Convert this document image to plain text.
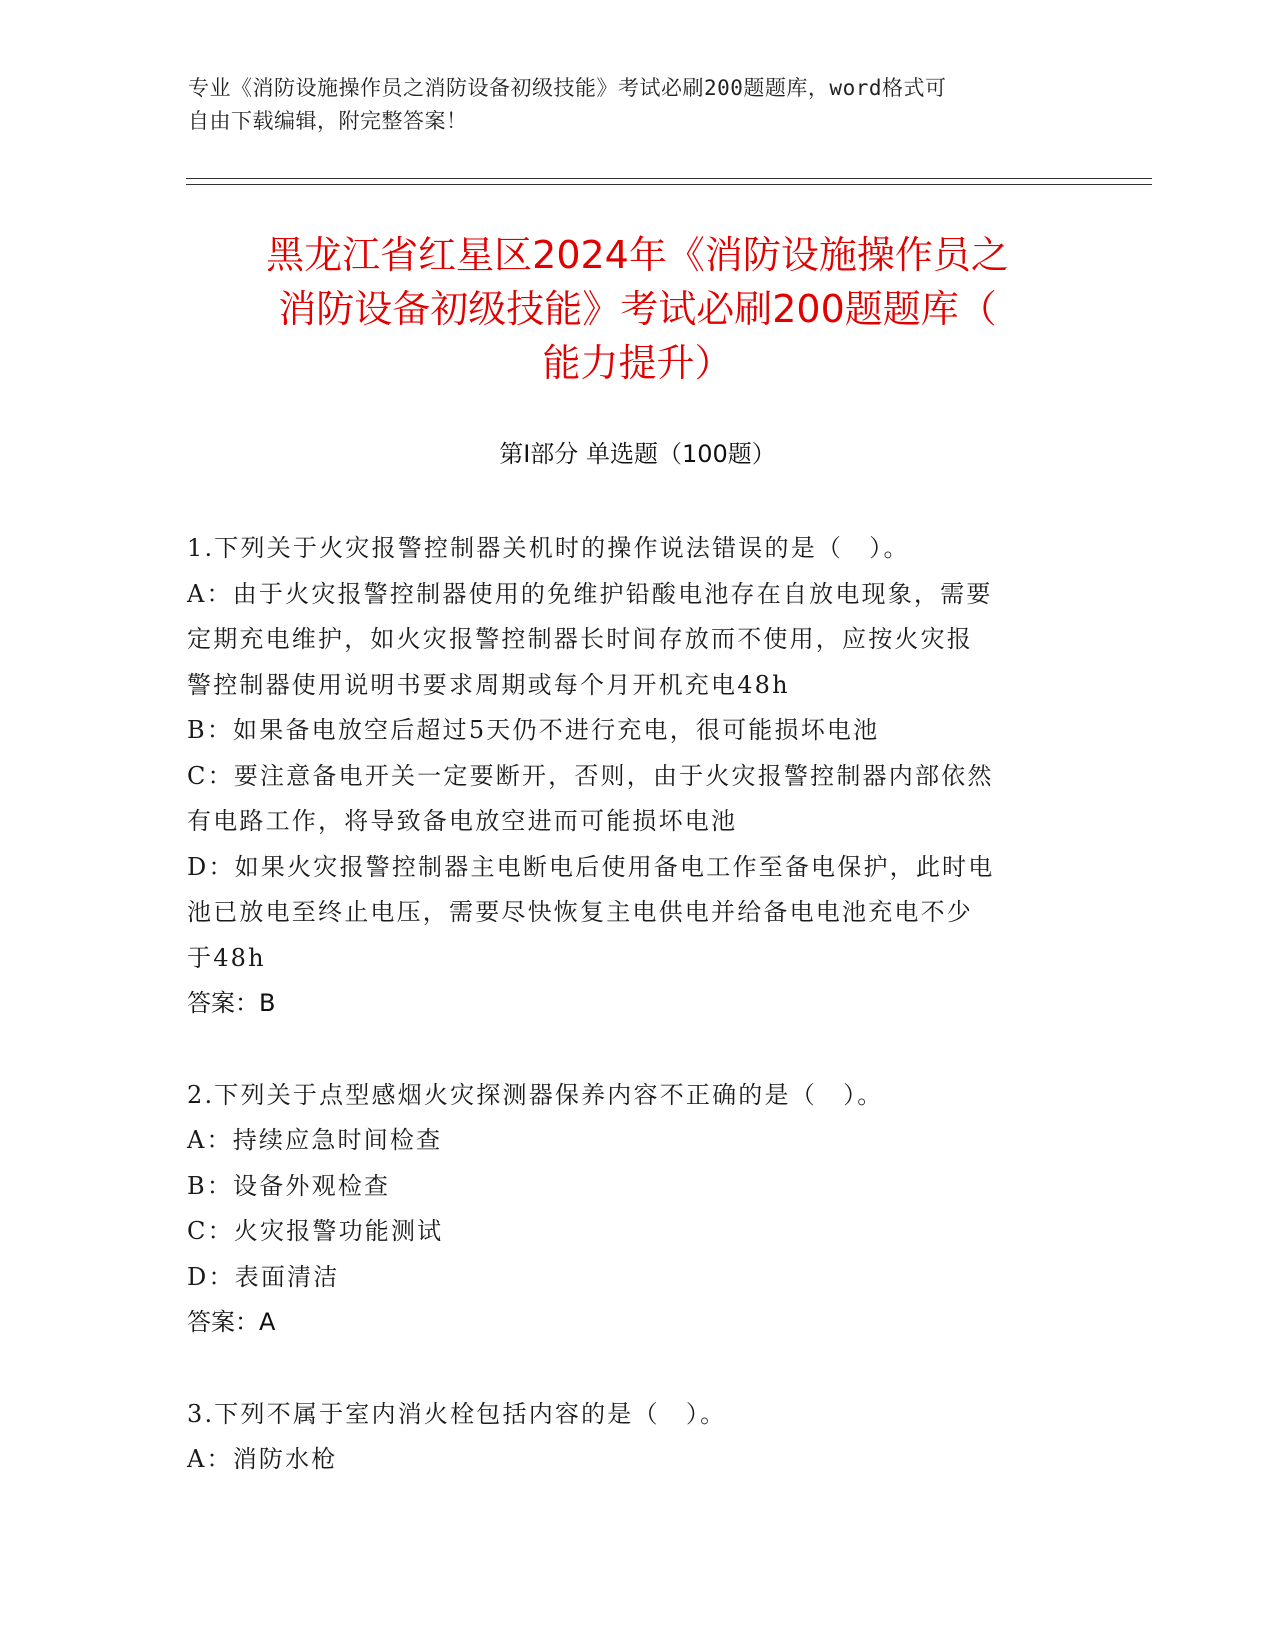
专业《消防设施操作员之消防设备初级技能》考试必刷200题题库，word格式可
自由下载编辑，附完整答案！
黑龙江省红星区2024年《消防设施操作员之
消防设备初级技能》考试必刷200题题库（
能力提升）
第Ⅰ部分 单选题（100题）

1.下列关于火灾报警控制器关机时的操作说法错误的是（　）。

A：由于火灾报警控制器使用的免维护铅酸电池存在自放电现象，需要

定期充电维护，如火灾报警控制器长时间存放而不使用，应按火灾报

警控制器使用说明书要求周期或每个月开机充电48h

B：如果备电放空后超过5天仍不进行充电，很可能损坏电池

C：要注意备电开关一定要断开，否则，由于火灾报警控制器内部依然

有电路工作，将导致备电放空进而可能损坏电池

D：如果火灾报警控制器主电断电后使用备电工作至备电保护，此时电

池已放电至终止电压，需要尽快恢复主电供电并给备电电池充电不少

于48h

答案：B

2.下列关于点型感烟火灾探测器保养内容不正确的是（　）。

A：持续应急时间检查

B：设备外观检查

C：火灾报警功能测试

D：表面清洁

答案：A

3.下列不属于室内消火栓包括内容的是（　）。

A：消防水枪
